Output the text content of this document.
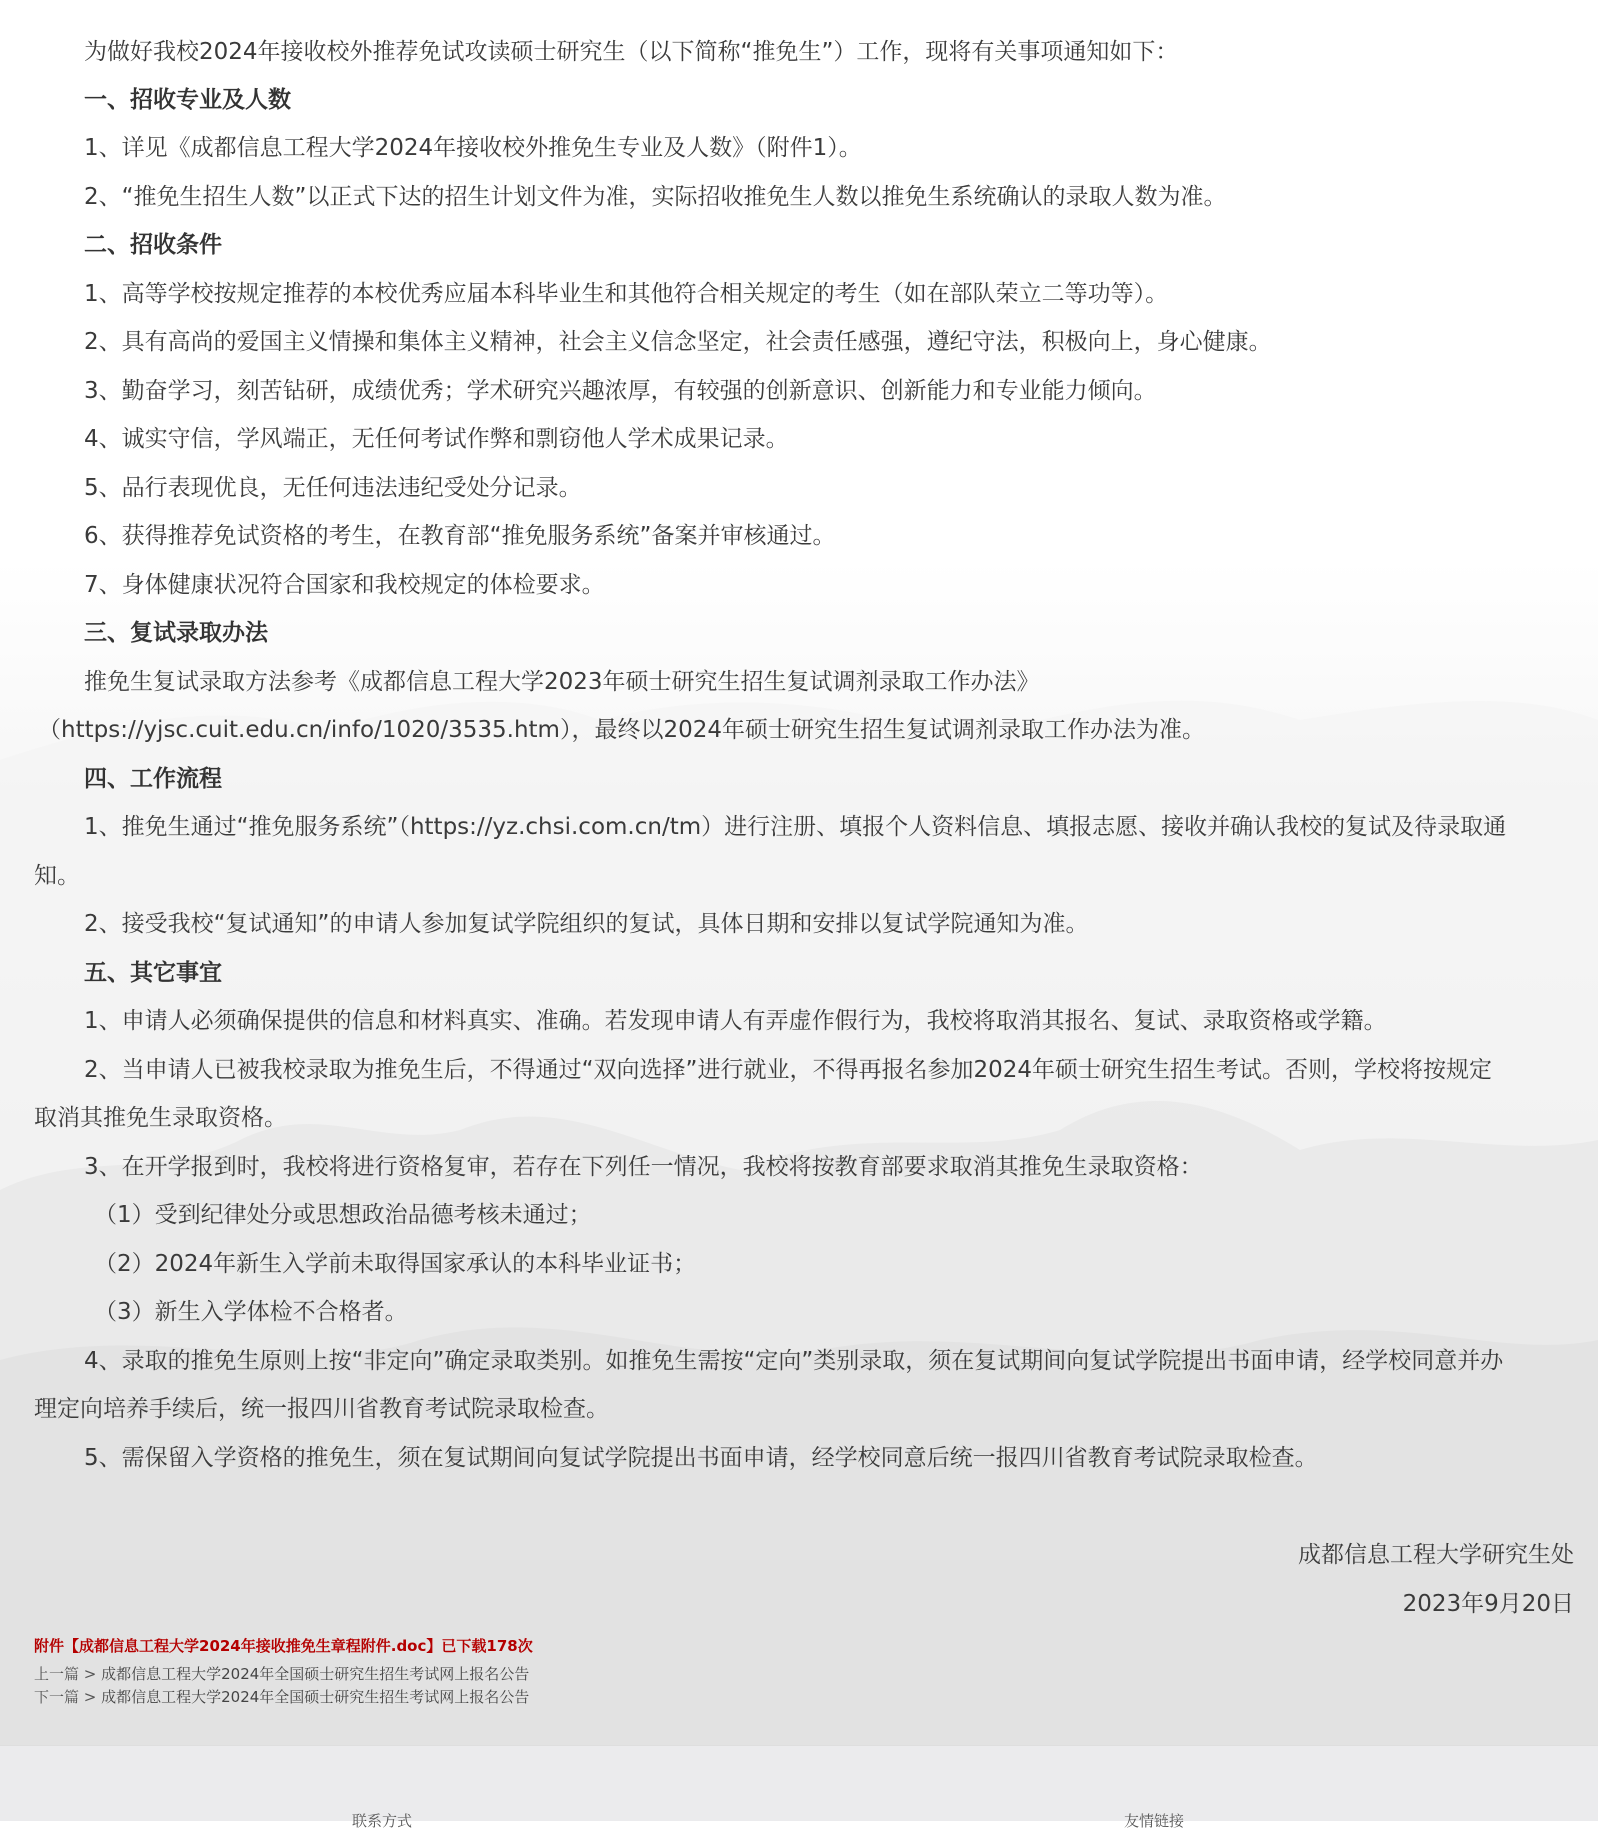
为做好我校2024年接收校外推荐免试攻读硕士研究生（以下简称“推免生”）工作，现将有关事项通知如下：
一、招收专业及人数
1、详见《成都信息工程大学2024年接收校外推免生专业及人数》（附件1）。
2、“推免生招生人数”以正式下达的招生计划文件为准，实际招收推免生人数以推免生系统确认的录取人数为准。
二、招收条件
1、高等学校按规定推荐的本校优秀应届本科毕业生和其他符合相关规定的考生（如在部队荣立二等功等）。
2、具有高尚的爱国主义情操和集体主义精神，社会主义信念坚定，社会责任感强，遵纪守法，积极向上，身心健康。
3、勤奋学习，刻苦钻研，成绩优秀；学术研究兴趣浓厚，有较强的创新意识、创新能力和专业能力倾向。
4、诚实守信，学风端正，无任何考试作弊和剽窃他人学术成果记录。
5、品行表现优良，无任何违法违纪受处分记录。
6、获得推荐免试资格的考生，在教育部“推免服务系统”备案并审核通过。
7、身体健康状况符合国家和我校规定的体检要求。
三、复试录取办法
推免生复试录取方法参考《成都信息工程大学2023年硕士研究生招生复试调剂录取工作办法》
（https://yjsc.cuit.edu.cn/info/1020/3535.htm），最终以2024年硕士研究生招生复试调剂录取工作办法为准。
四、工作流程
1、推免生通过“推免服务系统”（https://yz.chsi.com.cn/tm）进行注册、填报个人资料信息、填报志愿、接收并确认我校的复试及待录取通
知。
2、接受我校“复试通知”的申请人参加复试学院组织的复试，具体日期和安排以复试学院通知为准。
五、其它事宜
1、申请人必须确保提供的信息和材料真实、准确。若发现申请人有弄虚作假行为，我校将取消其报名、复试、录取资格或学籍。
2、当申请人已被我校录取为推免生后，不得通过“双向选择”进行就业，不得再报名参加2024年硕士研究生招生考试。否则，学校将按规定
取消其推免生录取资格。
3、在开学报到时，我校将进行资格复审，若存在下列任一情况，我校将按教育部要求取消其推免生录取资格：
（1）受到纪律处分或思想政治品德考核未通过；
（2）2024年新生入学前未取得国家承认的本科毕业证书；
（3）新生入学体检不合格者。
4、录取的推免生原则上按“非定向”确定录取类别。如推免生需按“定向”类别录取，须在复试期间向复试学院提出书面申请，经学校同意并办
理定向培养手续后，统一报四川省教育考试院录取检查。
5、需保留入学资格的推免生，须在复试期间向复试学院提出书面申请，经学校同意后统一报四川省教育考试院录取检查。
成都信息工程大学研究生处
2023年9月20日
附件【成都信息工程大学2024年接收推免生章程附件.doc】已下载178次
上一篇 > 成都信息工程大学2024年全国硕士研究生招生考试网上报名公告
下一篇 > 成都信息工程大学2024年全国硕士研究生招生考试网上报名公告
联系方式	友情链接
